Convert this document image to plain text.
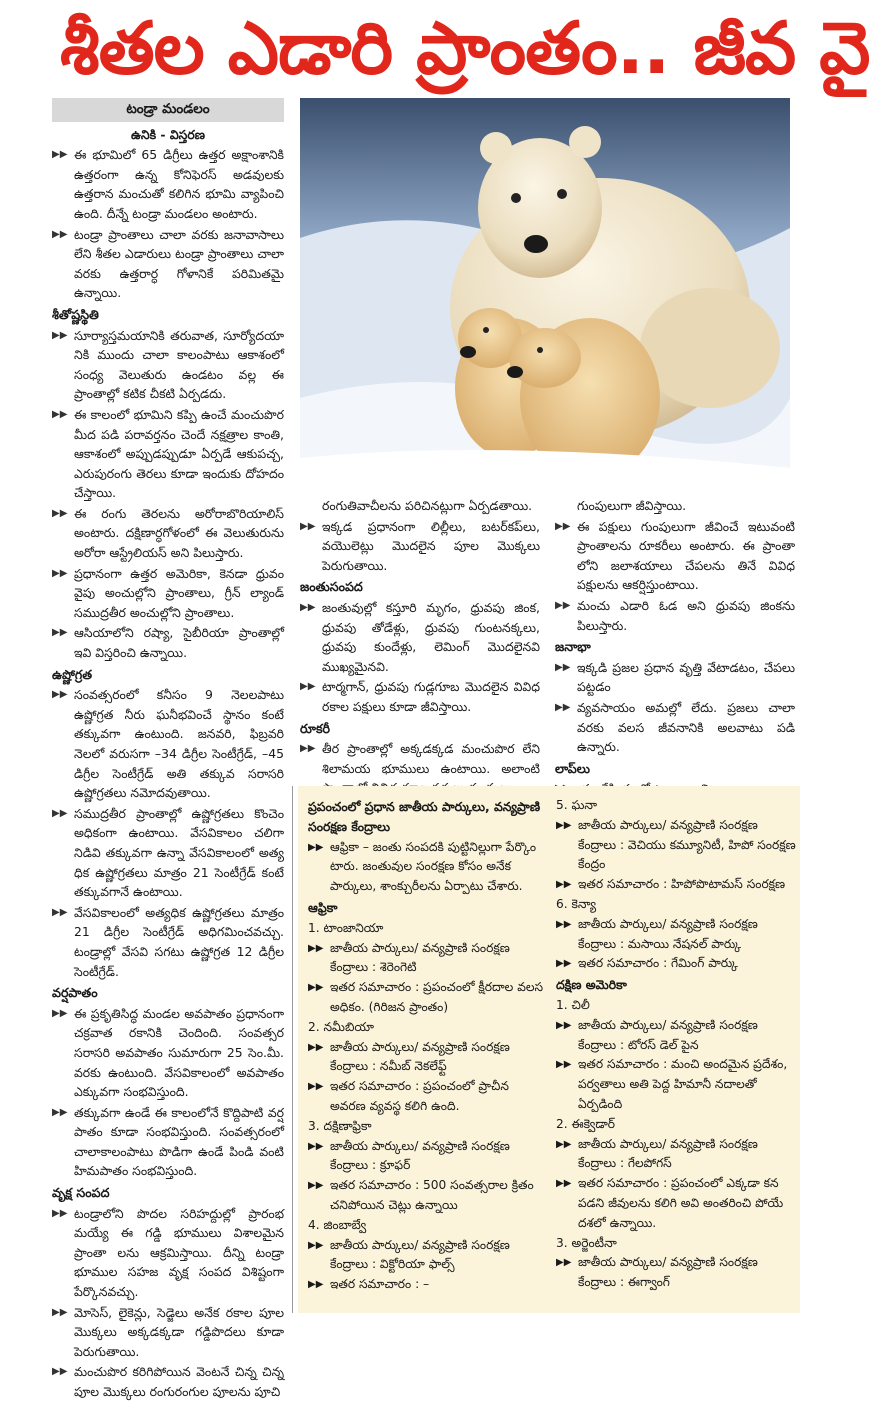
శీతల ఎడారి ప్రాంతం.. జీవ వై
టండ్రా మండలం
ఉనికి - విస్తరణ

▶▶ ఈ భూమిలో 65 డిగ్రీలు ఉత్తర అక్షాంశానికి ఉత్తరంగా ఉన్న కోనిఫెరస్ అడవులకు ఉత్తరాన మంచుతో కలిగిన భూమి వ్యాపించి ఉంది. దీన్నే టండ్రా మండలం అంటారు.

▶▶ టండ్రా ప్రాంతాలు చాలా వరకు జనావాసాలు లేని శీతల ఎడారులు టండ్రా ప్రాంతాలు చాలా వరకు ఉత్తరార్ధ గోళానికే పరిమితమై ఉన్నాయి.

శీతోష్ణస్థితి

▶▶ సూర్యాస్తమయానికి తరువాత, సూర్యోదయా నికి ముందు చాలా కాలంపాటు ఆకాశంలో సంధ్య వెలుతురు ఉండటం వల్ల ఈ ప్రాంతాల్లో కటిక చీకటి ఏర్పడదు.

▶▶ ఈ కాలంలో భూమిని కప్పి ఉంచే మంచుపొర మీద పడి పరావర్తనం చెందే నక్షత్రాల కాంతి, ఆకాశంలో అప్పుడప్పుడూ ఏర్పడే ఆకుపచ్చ, ఎరుపురంగు తెరలు కూడా ఇందుకు దోహదం చేస్తాయి.

▶▶ ఈ రంగు తెరలను అరోరాబొరియాలిస్ అంటారు. దక్షిణార్ధగోళంలో ఈ వెలుతురును అరోరా ఆస్ట్రేలియస్ అని పిలుస్తారు.

▶▶ ప్రధానంగా ఉత్తర అమెరికా, కెనడా ధ్రువం వైపు అంచుల్లోని ప్రాంతాలు, గ్రీన్ ల్యాండ్ సముద్రతీర అంచుల్లోని ప్రాంతాలు.

▶▶ ఆసియాలోని రష్యా, సైబీరియా ప్రాంతాల్లో ఇవి విస్తరించి ఉన్నాయి.

ఉష్ణోగ్రత

▶▶ సంవత్సరంలో కనీసం 9 నెలలపాటు ఉష్ణోగ్రత నీరు ఘనీభవించే స్థానం కంటే తక్కువగా ఉంటుంది. జనవరి, ఫిబ్రవరి నెలలో వరుసగా –34 డిగ్రీల సెంటీగ్రేడ్, –45 డిగ్రీల సెంటీగ్రేడ్ అతి తక్కువ సరాసరి ఉష్ణోగ్రతలు నమోదవుతాయి.

▶▶ సముద్రతీర ప్రాంతాల్లో ఉష్ణోగ్రతలు కొంచెం అధికంగా ఉంటాయి. వేసవికాలం చలిగా నిడివి తక్కువగా ఉన్నా వేసవికాలంలో అత్య ధిక ఉష్ణోగ్రతలు మాత్రం 21 సెంటీగ్రేడ్ కంటే తక్కువగానే ఉంటాయి.

▶▶ వేసవికాలంలో అత్యధిక ఉష్ణోగ్రతలు మాత్రం 21 డిగ్రీల సెంటీగ్రేడ్ అధిగమించవచ్చు. టండ్రాల్లో వేసవి సగటు ఉష్ణోగ్రత 12 డిగ్రీల సెంటీగ్రేడ్.

వర్షపాతం

▶▶ ఈ ప్రకృతిసిద్ధ మండల అవపాతం ప్రధానంగా చక్రవాత రకానికి చెందింది. సంవత్సర సరాసరి అవపాతం సుమారుగా 25 సెం.మీ. వరకు ఉంటుంది. వేసవికాలంలో అవపాతం ఎక్కువగా సంభవిస్తుంది.

▶▶ తక్కువగా ఉండే ఈ కాలంలోనే కొద్దిపాటి వర్ష పాతం కూడా సంభవిస్తుంది. సంవత్సరంలో చాలాకాలంపాటు పొడిగా ఉండే పిండి వంటి హిమపాతం సంభవిస్తుంది.

వృక్ష సంపద

▶▶ టండ్రాలోని పొదల సరిహద్దుల్లో ప్రారంభ మయ్యే ఈ గడ్డి భూములు విశాలమైన ప్రాంతా లను ఆక్రమిస్తాయి. దీన్ని టండ్రా భూముల సహజ వృక్ష సంపద విశిష్టంగా పేర్కొనవచ్చు.

▶▶ మోసెస్, లైకెన్లు, సెడ్జెలు అనేక రకాల పూల మొక్కలు అక్కడక్కడా గడ్డిపొదలు కూడా పెరుగుతాయి.

▶▶ మంచుపొర కరిగిపోయిన వెంటనే చిన్న చిన్న పూల మొక్కలు రంగురంగుల పూలను పూచి

రంగుతివాచీలను పరిచినట్లుగా ఏర్పడతాయి.

▶▶ ఇక్కడ ప్రధానంగా లిల్లీలు, బటర్‌కప్‌లు, వయొలెట్లు మొదలైన పూల మొక్కలు పెరుగుతాయి.

జంతుసంపద

▶▶ జంతువుల్లో కస్తూరి మృగం, ధ్రువపు జింక, ధ్రువపు తోడేళ్లు, ధ్రువపు గుంటనక్కలు, ధ్రువపు కుందేళ్లు, లెమింగ్ మొదలైనవి ముఖ్యమైనవి.

▶▶ టార్మగాన్, ధ్రువపు గుడ్లగూబ మొదలైన వివిధ రకాల పక్షులు కూడా జీవిస్తాయి.

రూకరీ

▶▶ తీర ప్రాంతాల్లో అక్కడక్కడ మంచుపొర లేని శిలామయ భూములు ఉంటాయి. అలాంటి

గుంపులుగా జీవిస్తాయి.

▶▶ ఈ పక్షులు గుంపులుగా జీవించే ఇటువంటి ప్రాంతాలను రూకరీలు అంటారు. ఈ ప్రాంతా లోని జలాశయాలు చేపలను తినే వివిధ పక్షులను ఆకర్షిస్తుంటాయి.

▶▶ మంచు ఎడారి ఓడ అని ధ్రువపు జింకను పిలుస్తారు.

జనాభా

▶▶ ఇక్కడి ప్రజల ప్రధాన వృత్తి వేటాడటం, చేపలు పట్టడం

▶▶ వ్యవసాయం అమల్లో లేదు. ప్రజలు చాలా వరకు వలస జీవనానికి అలవాటు పడి ఉన్నారు.

లాప్‌లు

ప్రపంచంలో ప్రధాన జాతీయ పార్కులు, వన్యప్రాణి సంరక్షణ కేంద్రాలు

▶▶ ఆఫ్రికా – జంతు సంపదకి పుట్టినిల్లుగా పేర్కొం టారు. జంతువుల సంరక్షణ కోసం అనేక పార్కులు, శాంక్చురీలను ఏర్పాటు చేశారు.

ఆఫ్రికా

1. టాంజానియా

▶▶ జాతీయ పార్కులు/ వన్యప్రాణి సంరక్షణ కేంద్రాలు : శెరెంగెటి

▶▶ ఇతర సమాచారం : ప్రపంచంలో క్షీరదాల వలస అధికం. (గిరిజన ప్రాంతం)

2. నమీబియా

▶▶ జాతీయ పార్కులు/ వన్యప్రాణి సంరక్షణ కేంద్రాలు : నమీబ్ నెకలేఫ్ట్

▶▶ ఇతర సమాచారం : ప్రపంచంలో ప్రాచీన అవరణ వ్యవస్థ కలిగి ఉంది.

3. దక్షిణాఫ్రికా

▶▶ జాతీయ పార్కులు/ వన్యప్రాణి సంరక్షణ కేంద్రాలు : క్రూఫర్

▶▶ ఇతర సమాచారం : 500 సంవత్సరాల క్రితం చనిపోయిన చెట్లు ఉన్నాయి

4. జింబాబ్వే

▶▶ జాతీయ పార్కులు/ వన్యప్రాణి సంరక్షణ కేంద్రాలు : విక్టోరియా ఫాల్స్

▶▶ ఇతర సమాచారం : –

5. ఘనా

▶▶ జాతీయ పార్కులు/ వన్యప్రాణి సంరక్షణ కేంద్రాలు : వెచియు కమ్యూనిటీ, హిపో సంరక్షణ కేంద్రం

▶▶ ఇతర సమాచారం : హిపోపొటామస్ సంరక్షణ

6. కెన్యా

▶▶ జాతీయ పార్కులు/ వన్యప్రాణి సంరక్షణ కేంద్రాలు : మసాయి నేషనల్ పార్కు

▶▶ ఇతర సమాచారం : గేమింగ్ పార్కు

దక్షిణ అమెరికా

1. చిలీ

▶▶ జాతీయ పార్కులు/ వన్యప్రాణి సంరక్షణ కేంద్రాలు : టోరస్ డెల్ పైన

▶▶ ఇతర సమాచారం : మంచి అందమైన ప్రదేశం, పర్వతాలు అతి పెద్ద హిమానీ నదాలతో ఏర్పడింది

2. ఈక్వెడార్

▶▶ జాతీయ పార్కులు/ వన్యప్రాణి సంరక్షణ కేంద్రాలు : గేలపోగస్

▶▶ ఇతర సమాచారం : ప్రపంచంలో ఎక్కడా కన పడని జీవులను కలిగి అవి అంతరించి పోయే దశలో ఉన్నాయి.

3. అర్జెంటీనా

▶▶ జాతీయ పార్కులు/ వన్యప్రాణి సంరక్షణ కేంద్రాలు : ఈగ్వాంగ్
